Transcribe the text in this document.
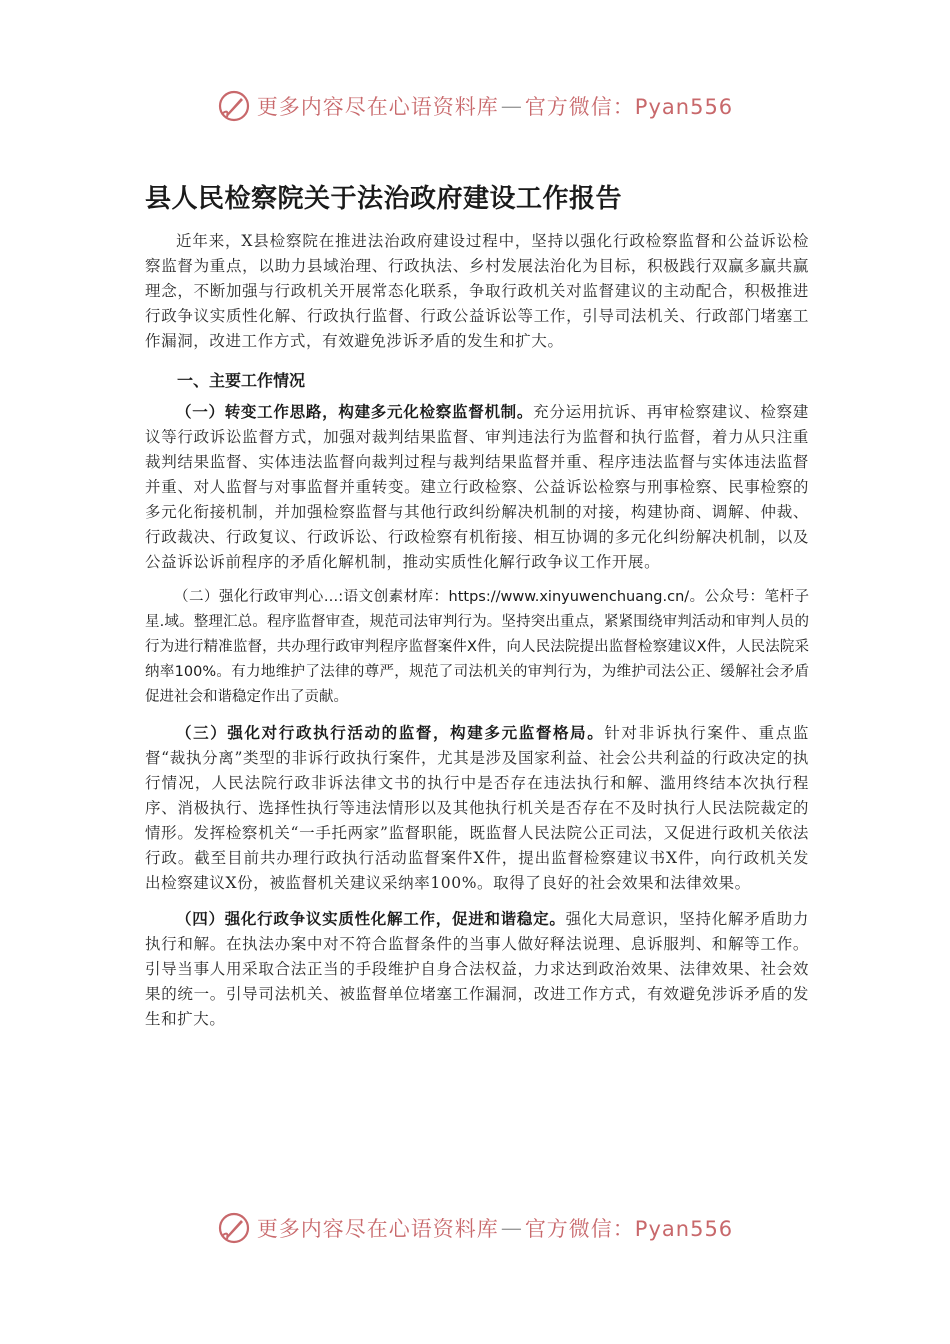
更多内容尽在心语资料库 — 官方微信：Pyan556
县人民检察院关于法治政府建设工作报告

近年来，X县检察院在推进法治政府建设过程中，坚持以强化行政检察监督和公益诉讼检察监督为重点，以助力县域治理、行政执法、乡村发展法治化为目标，积极践行双赢多赢共赢理念，不断加强与行政机关开展常态化联系，争取行政机关对监督建议的主动配合，积极推进行政争议实质性化解、行政执行监督、行政公益诉讼等工作，引导司法机关、行政部门堵塞工作漏洞，改进工作方式，有效避免涉诉矛盾的发生和扩大。

一、主要工作情况

（一）转变工作思路，构建多元化检察监督机制。充分运用抗诉、再审检察建议、检察建议等行政诉讼监督方式，加强对裁判结果监督、审判违法行为监督和执行监督，着力从只注重裁判结果监督、实体违法监督向裁判过程与裁判结果监督并重、程序违法监督与实体违法监督并重、对人监督与对事监督并重转变。建立行政检察、公益诉讼检察与刑事检察、民事检察的多元化衔接机制，并加强检察监督与其他行政纠纷解决机制的对接，构建协商、调解、仲裁、行政裁决、行政复议、行政诉讼、行政检察有机衔接、相互协调的多元化纠纷解决机制，以及公益诉讼诉前程序的矛盾化解机制，推动实质性化解行政争议工作开展。

（二）强化行政审判心…:语文创素材库：https://www.xinyuwenchuang.cn/。公众号：笔杆子星.域。整理汇总。程序监督审查，规范司法审判行为。坚持突出重点，紧紧围绕审判活动和审判人员的行为进行精准监督，共办理行政审判程序监督案件X件，向人民法院提出监督检察建议X件，人民法院采纳率100%。有力地维护了法律的尊严，规范了司法机关的审判行为，为维护司法公正、缓解社会矛盾促进社会和谐稳定作出了贡献。

（三）强化对行政执行活动的监督，构建多元监督格局。针对非诉执行案件、重点监督“裁执分离”类型的非诉行政执行案件，尤其是涉及国家利益、社会公共利益的行政决定的执行情况，人民法院行政非诉法律文书的执行中是否存在违法执行和解、滥用终结本次执行程序、消极执行、选择性执行等违法情形以及其他执行机关是否存在不及时执行人民法院裁定的情形。发挥检察机关“一手托两家”监督职能，既监督人民法院公正司法，又促进行政机关依法行政。截至目前共办理行政执行活动监督案件X件，提出监督检察建议书X件，向行政机关发出检察建议X份，被监督机关建议采纳率100%。取得了良好的社会效果和法律效果。

（四）强化行政争议实质性化解工作，促进和谐稳定。强化大局意识，坚持化解矛盾助力执行和解。在执法办案中对不符合监督条件的当事人做好释法说理、息诉服判、和解等工作。引导当事人用采取合法正当的手段维护自身合法权益，力求达到政治效果、法律效果、社会效果的统一。引导司法机关、被监督单位堵塞工作漏洞，改进工作方式，有效避免涉诉矛盾的发生和扩大。

更多内容尽在心语资料库 — 官方微信：Pyan556
